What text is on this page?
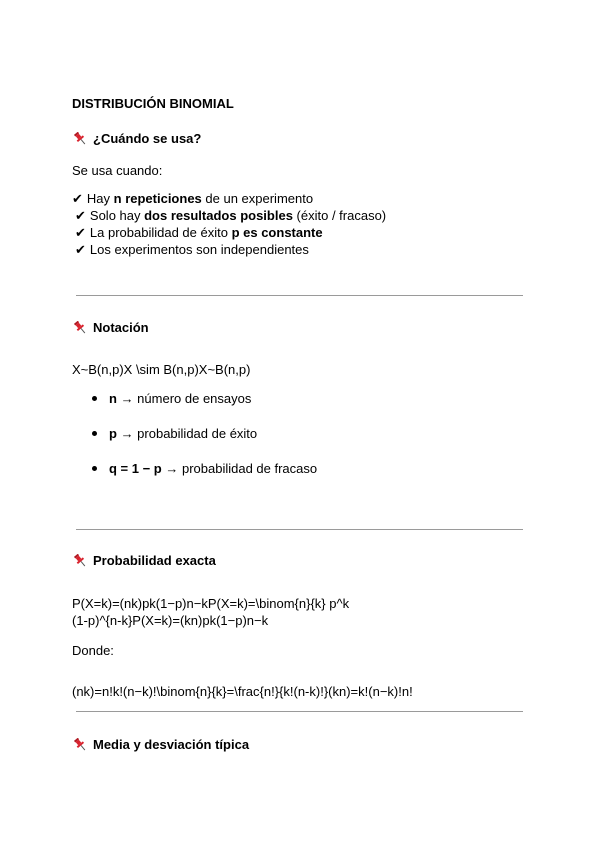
DISTRIBUCIÓN BINOMIAL
¿Cuándo se usa?
Se usa cuando:
✔ Hay n repeticiones de un experimento
✔ Solo hay dos resultados posibles (éxito / fracaso)
✔ La probabilidad de éxito p es constante
✔ Los experimentos son independientes
Notación
X~B(n,p)X \sim B(n,p)X~B(n,p)
n → número de ensayos
p → probabilidad de éxito
q = 1 − p → probabilidad de fracaso
Probabilidad exacta
P(X=k)=(nk)pk(1−p)n−kP(X=k)=\binom{n}{k} p^k
(1-p)^{n-k}P(X=k)=(kn)pk(1−p)n−k
Donde:
(nk)=n!k!(n−k)!\binom{n}{k}=\frac{n!}{k!(n-k)!}(kn)=k!(n−k)!n!
Media y desviación típica
